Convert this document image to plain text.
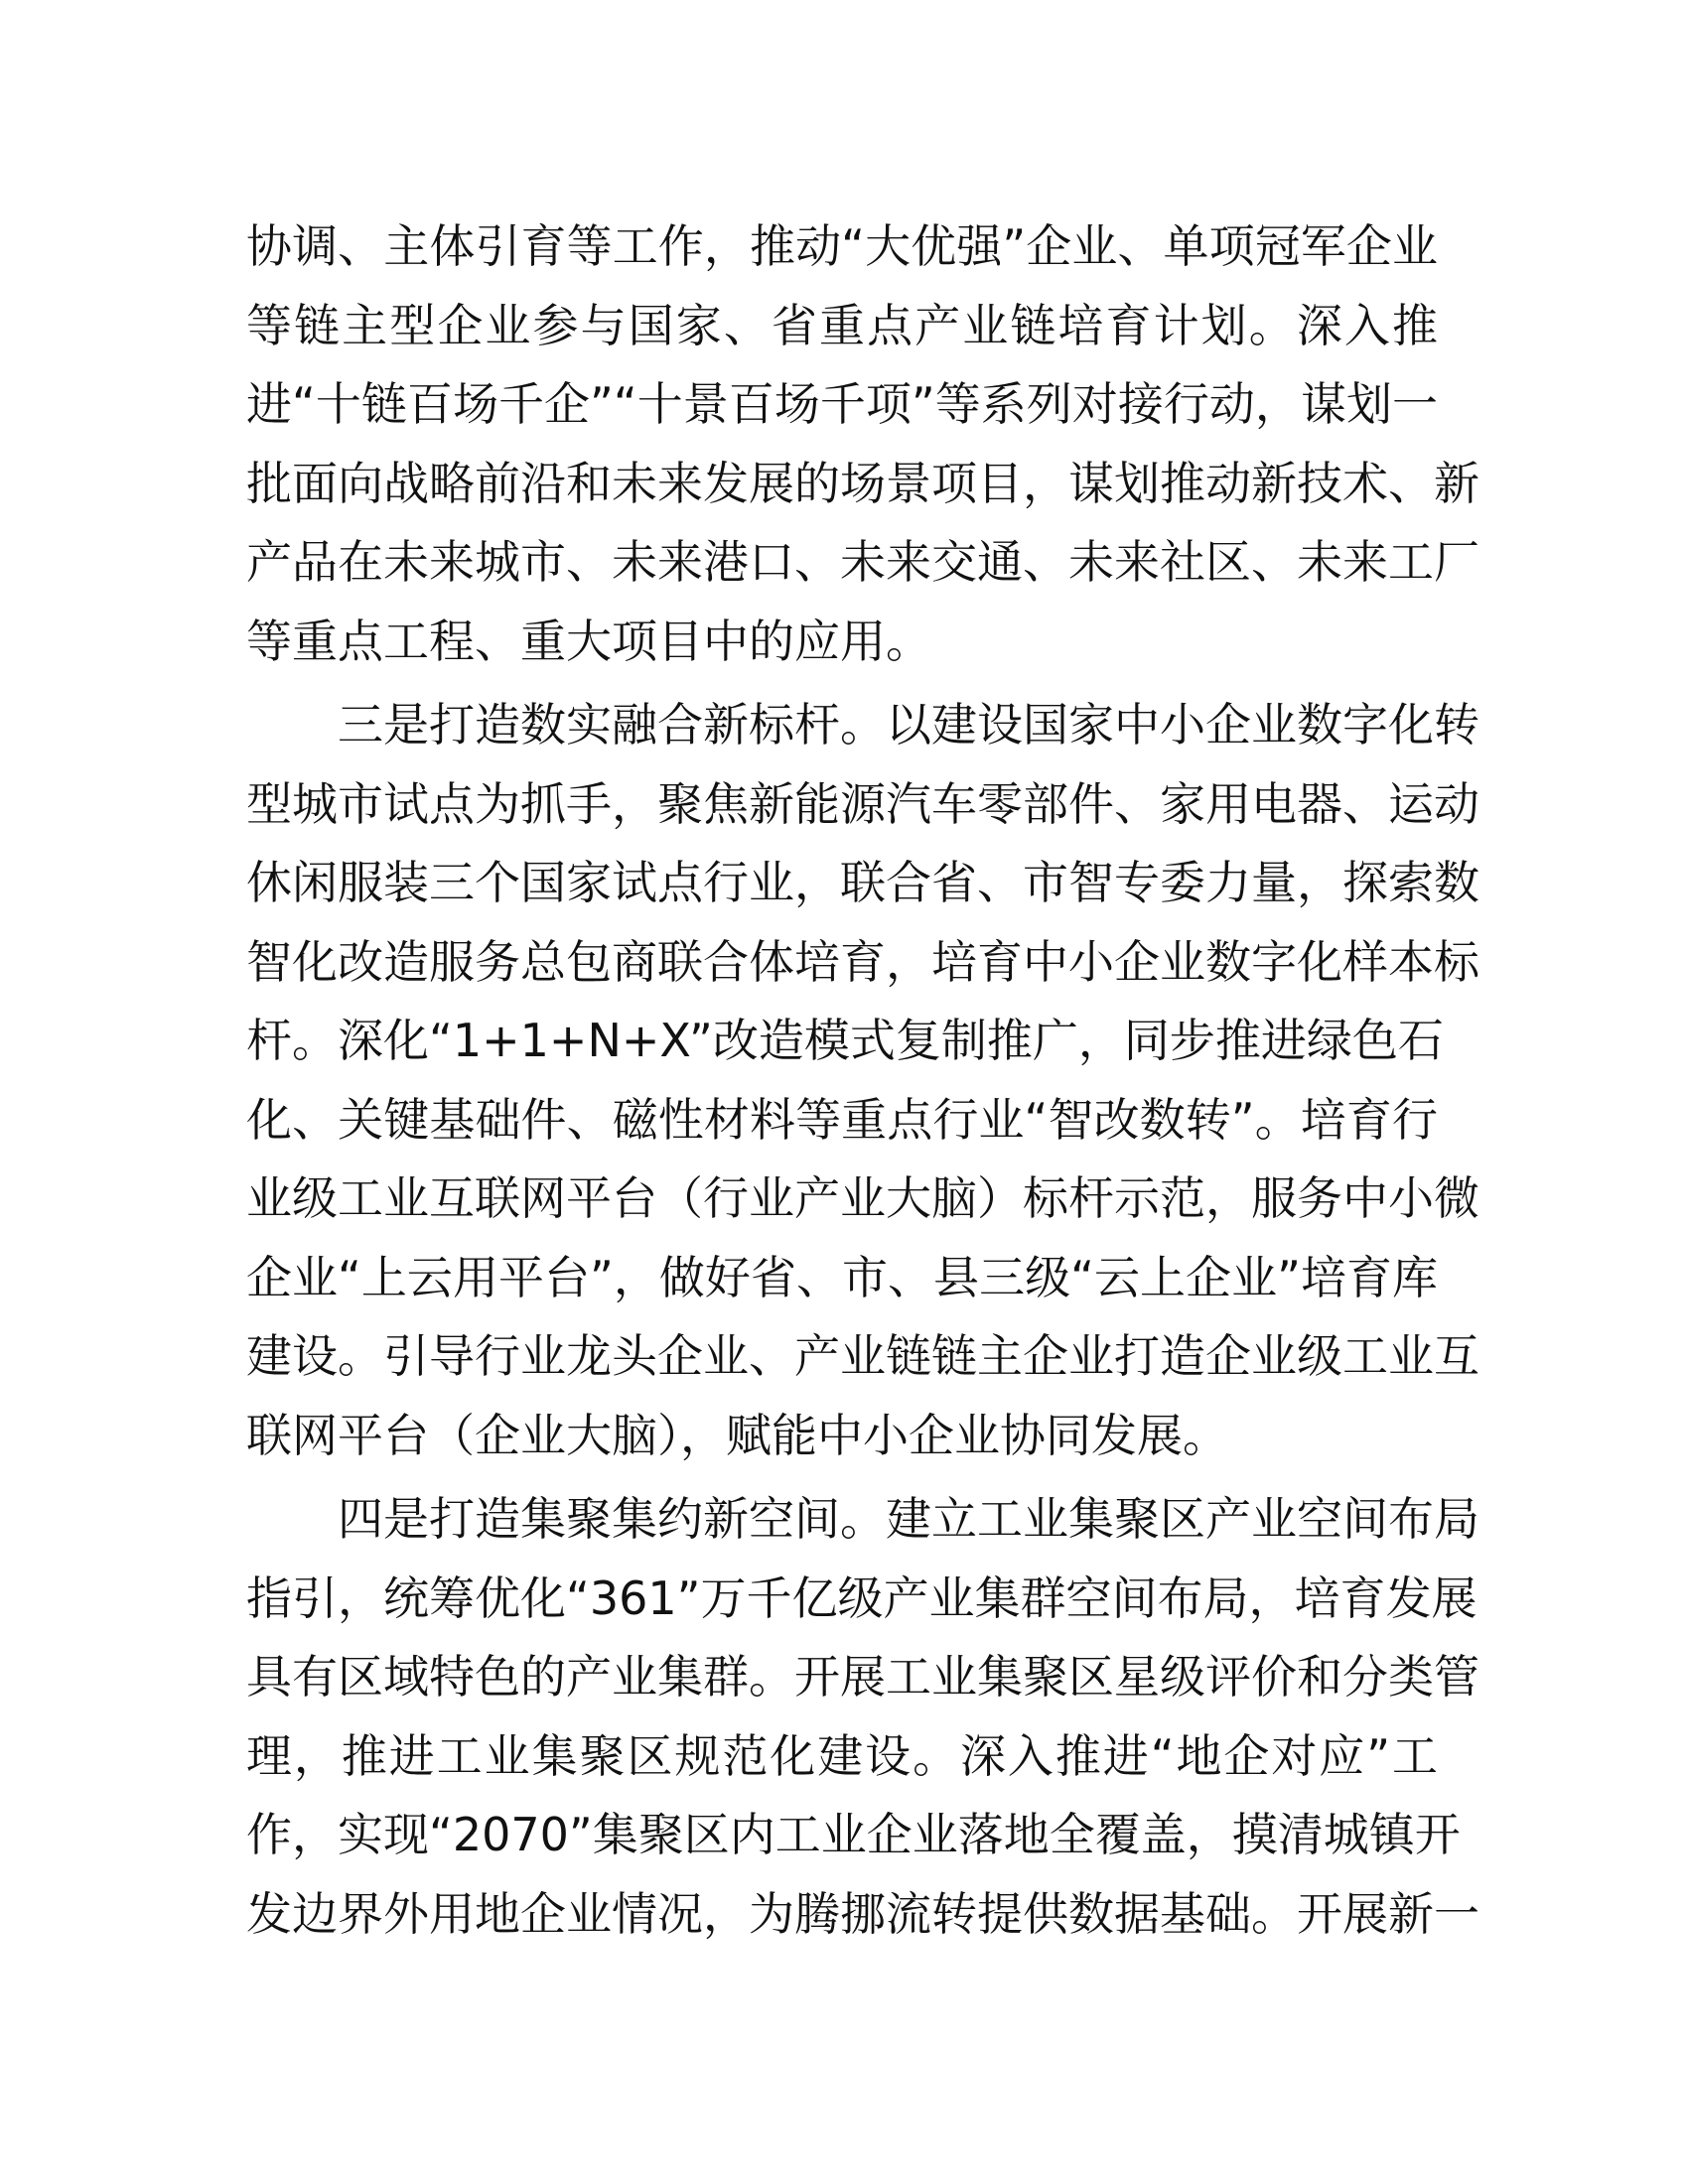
协调、主体引育等工作，推动“大优强”企业、单项冠军企业
等链主型企业参与国家、省重点产业链培育计划。深入推
进“十链百场千企”“十景百场千项”等系列对接行动，谋划一
批面向战略前沿和未来发展的场景项目，谋划推动新技术、新
产品在未来城市、未来港口、未来交通、未来社区、未来工厂
等重点工程、重大项目中的应用。
　　三是打造数实融合新标杆。以建设国家中小企业数字化转
型城市试点为抓手，聚焦新能源汽车零部件、家用电器、运动
休闲服装三个国家试点行业，联合省、市智专委力量，探索数
智化改造服务总包商联合体培育，培育中小企业数字化样本标
杆。深化“1+1+N+X”改造模式复制推广，同步推进绿色石
化、关键基础件、磁性材料等重点行业“智改数转”。培育行
业级工业互联网平台（行业产业大脑）标杆示范，服务中小微
企业“上云用平台”，做好省、市、县三级“云上企业”培育库
建设。引导行业龙头企业、产业链链主企业打造企业级工业互
联网平台（企业大脑），赋能中小企业协同发展。
　　四是打造集聚集约新空间。建立工业集聚区产业空间布局
指引，统筹优化“361”万千亿级产业集群空间布局，培育发展
具有区域特色的产业集群。开展工业集聚区星级评价和分类管
理，推进工业集聚区规范化建设。深入推进“地企对应”工
作，实现“2070”集聚区内工业企业落地全覆盖，摸清城镇开
发边界外用地企业情况，为腾挪流转提供数据基础。开展新一
